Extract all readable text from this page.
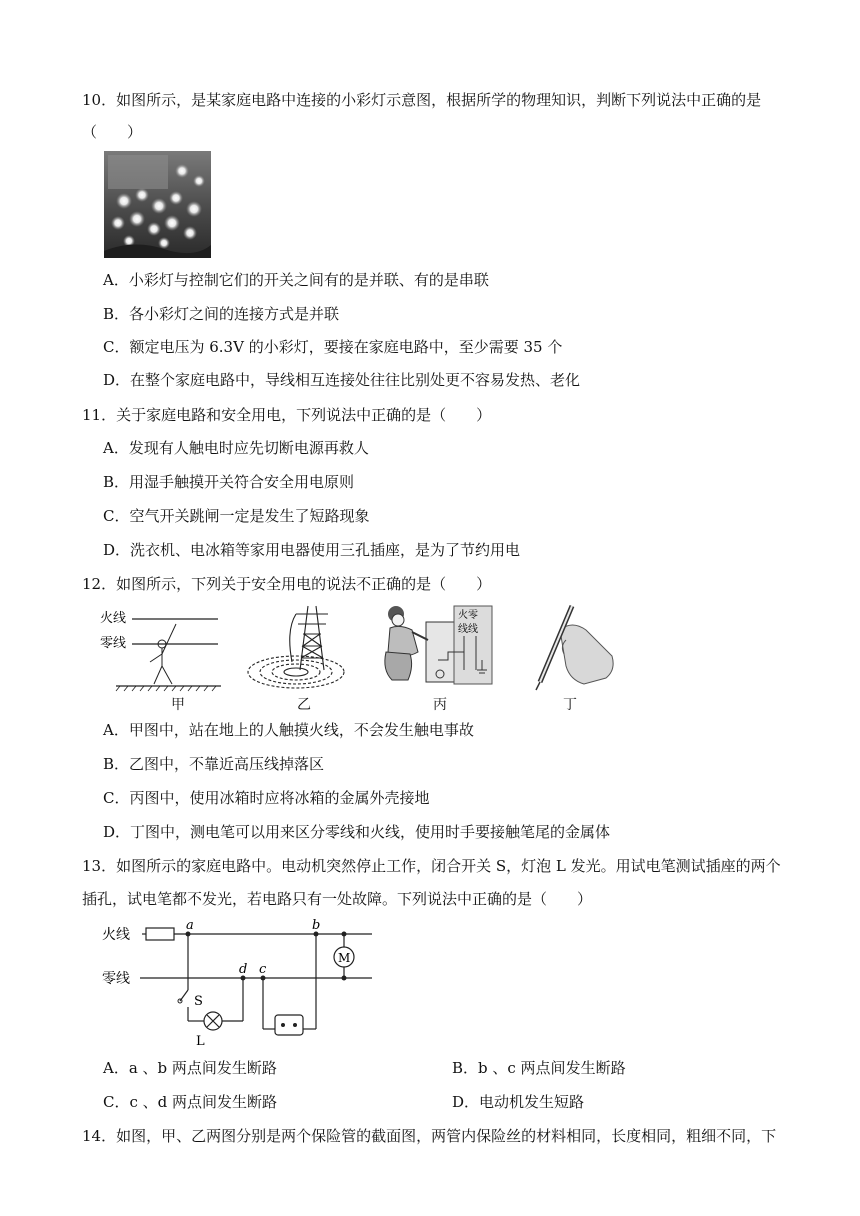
10．如图所示，是某家庭电路中连接的小彩灯示意图，根据所学的物理知识，判断下列说法中正确的是
（　　）
A．小彩灯与控制它们的开关之间有的是并联、有的是串联
B．各小彩灯之间的连接方式是并联
C．额定电压为 6.3V 的小彩灯，要接在家庭电路中，至少需要 35 个
D．在整个家庭电路中，导线相互连接处往往比别处更不容易发热、老化
11．关于家庭电路和安全用电，下列说法中正确的是（　　）
A．发现有人触电时应先切断电源再救人
B．用湿手触摸开关符合安全用电原则
C．空气开关跳闸一定是发生了短路现象
D．洗衣机、电冰箱等家用电器使用三孔插座，是为了节约用电
12．如图所示，下列关于安全用电的说法不正确的是（　　）
火线
零线
火零
线线
甲	乙	丙	丁
A．甲图中，站在地上的人触摸火线，不会发生触电事故
B．乙图中，不靠近高压线掉落区
C．丙图中，使用冰箱时应将冰箱的金属外壳接地
D．丁图中，测电笔可以用来区分零线和火线，使用时手要接触笔尾的金属体
13．如图所示的家庭电路中。电动机突然停止工作，闭合开关 S，灯泡 L 发光。用试电笔测试插座的两个
插孔，试电笔都不发光，若电路只有一处故障。下列说法中正确的是（　　）
火线
零线
a	b
c
d
S
L
M
A．a 、b 两点间发生断路	B．b 、c 两点间发生断路
C．c 、d 两点间发生断路	D．电动机发生短路
14．如图，甲、乙两图分别是两个保险管的截面图，两管内保险丝的材料相同，长度相同，粗细不同，下
